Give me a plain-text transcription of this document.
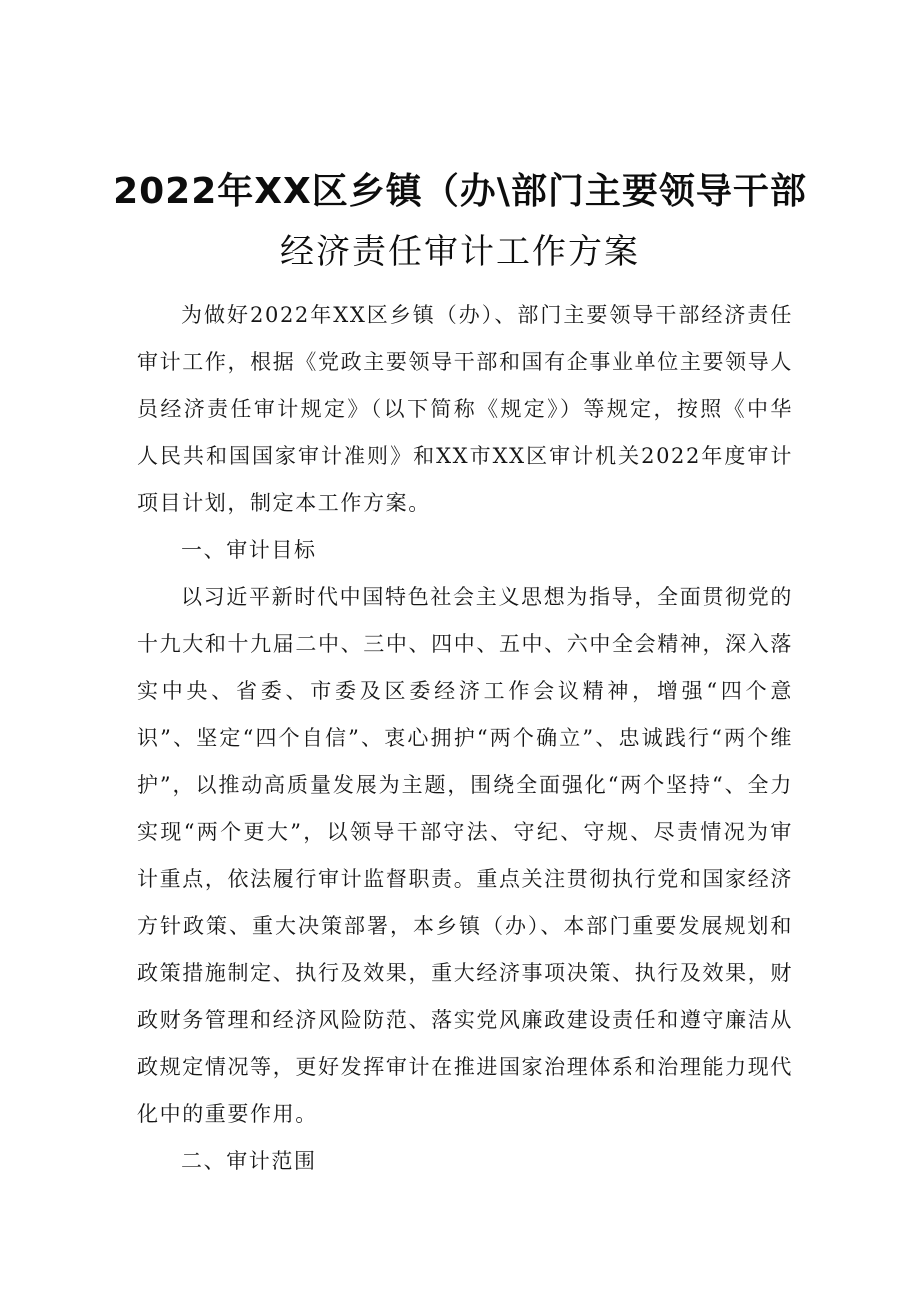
2022年XX区乡镇（办\部门主要领导干部
经济责任审计工作方案

为做好2022年XX区乡镇（办）、部门主要领导干部经济责任审计工作，根据《党政主要领导干部和国有企事业单位主要领导人员经济责任审计规定》（以下简称《规定》）等规定，按照《中华人民共和国国家审计准则》和XX市XX区审计机关2022年度审计项目计划，制定本工作方案。

一、审计目标

以习近平新时代中国特色社会主义思想为指导，全面贯彻党的十九大和十九届二中、三中、四中、五中、六中全会精神，深入落实中央、省委、市委及区委经济工作会议精神，增强“四个意识”、坚定“四个自信”、衷心拥护“两个确立”、忠诚践行“两个维护”，以推动高质量发展为主题，围绕全面强化“两个坚持“、全力实现“两个更大”，以领导干部守法、守纪、守规、尽责情况为审计重点，依法履行审计监督职责。重点关注贯彻执行党和国家经济方针政策、重大决策部署，本乡镇（办）、本部门重要发展规划和政策措施制定、执行及效果，重大经济事项决策、执行及效果，财政财务管理和经济风险防范、落实党风廉政建设责任和遵守廉洁从政规定情况等，更好发挥审计在推进国家治理体系和治理能力现代化中的重要作用。

二、审计范围
